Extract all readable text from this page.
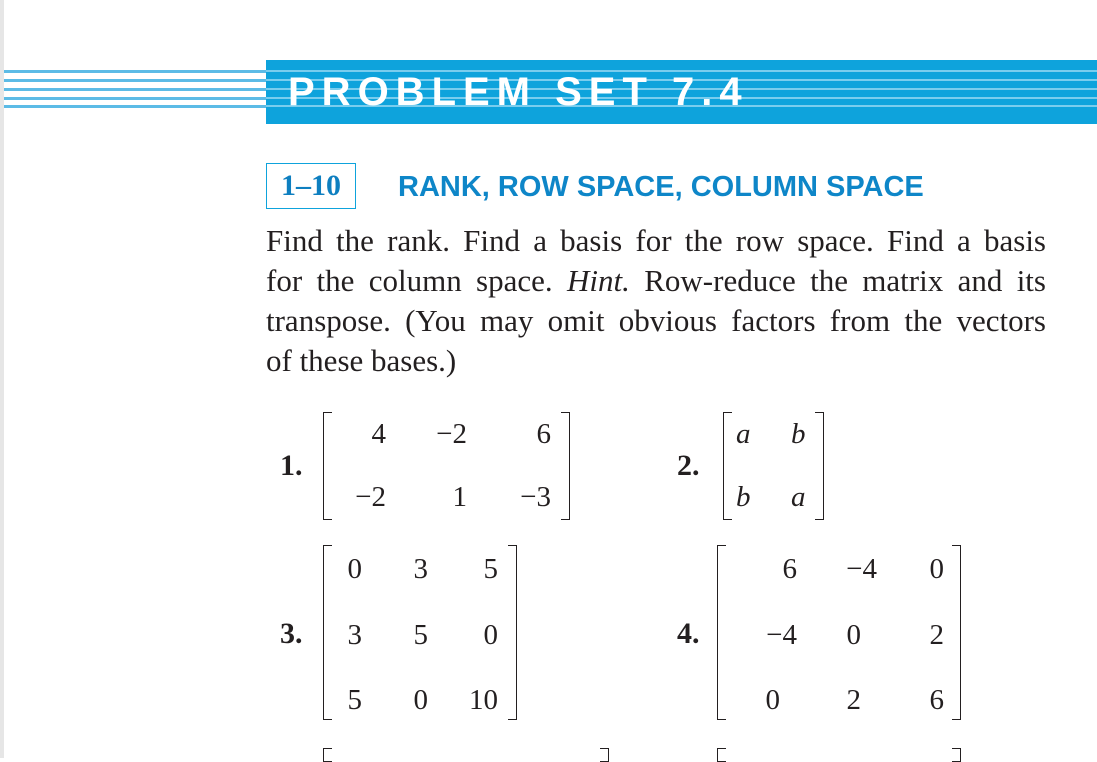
PROBLEM SET 7.4
1–10	RANK, ROW SPACE, COLUMN SPACE
Find the rank. Find a basis for the row space. Find a basis
for the column space. Hint. Row-reduce the matrix and its
transpose. (You may omit obvious factors from the vectors
of these bases.)
1.
4 −2 6
−2 1 −3
2.
a b
b a
3.
0 3 5
3 5 0
5 0 10
4.
6 −4 0
−4 0 2
0 2 6
